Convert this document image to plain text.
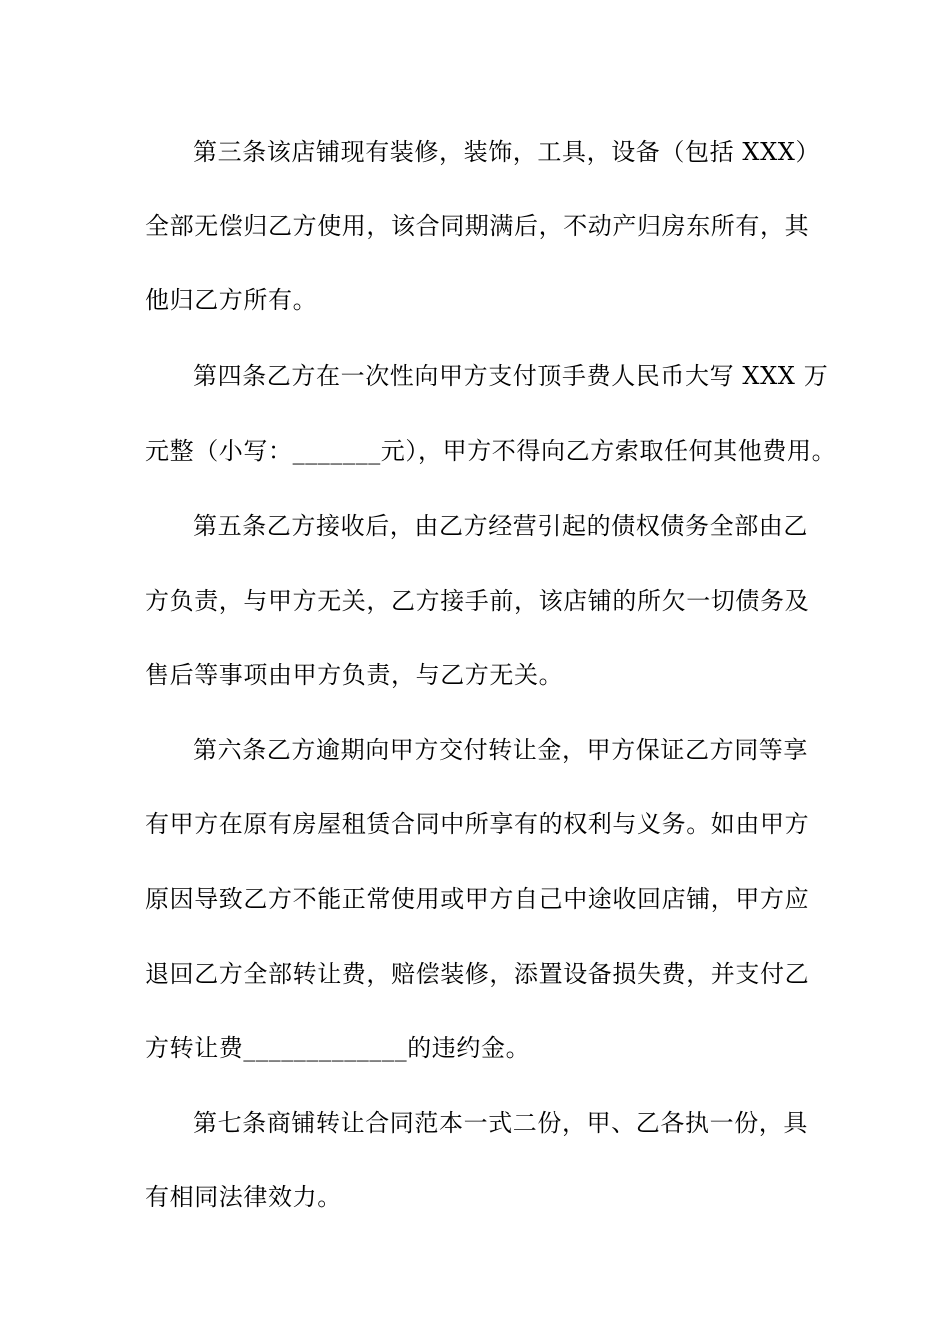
第三条该店铺现有装修，装饰，工具，设备（包括 XXX）
全部无偿归乙方使用，该合同期满后，不动产归房东所有，其
他归乙方所有。
第四条乙方在一次性向甲方支付顶手费人民币大写 XXX 万
元整（小写：_______元），甲方不得向乙方索取任何其他费用。
第五条乙方接收后，由乙方经营引起的债权债务全部由乙
方负责，与甲方无关，乙方接手前，该店铺的所欠一切债务及
售后等事项由甲方负责，与乙方无关。
第六条乙方逾期向甲方交付转让金，甲方保证乙方同等享
有甲方在原有房屋租赁合同中所享有的权利与义务。如由甲方
原因导致乙方不能正常使用或甲方自己中途收回店铺，甲方应
退回乙方全部转让费，赔偿装修，添置设备损失费，并支付乙
方转让费_____________的违约金。
第七条商铺转让合同范本一式二份，甲、乙各执一份，具
有相同法律效力。
